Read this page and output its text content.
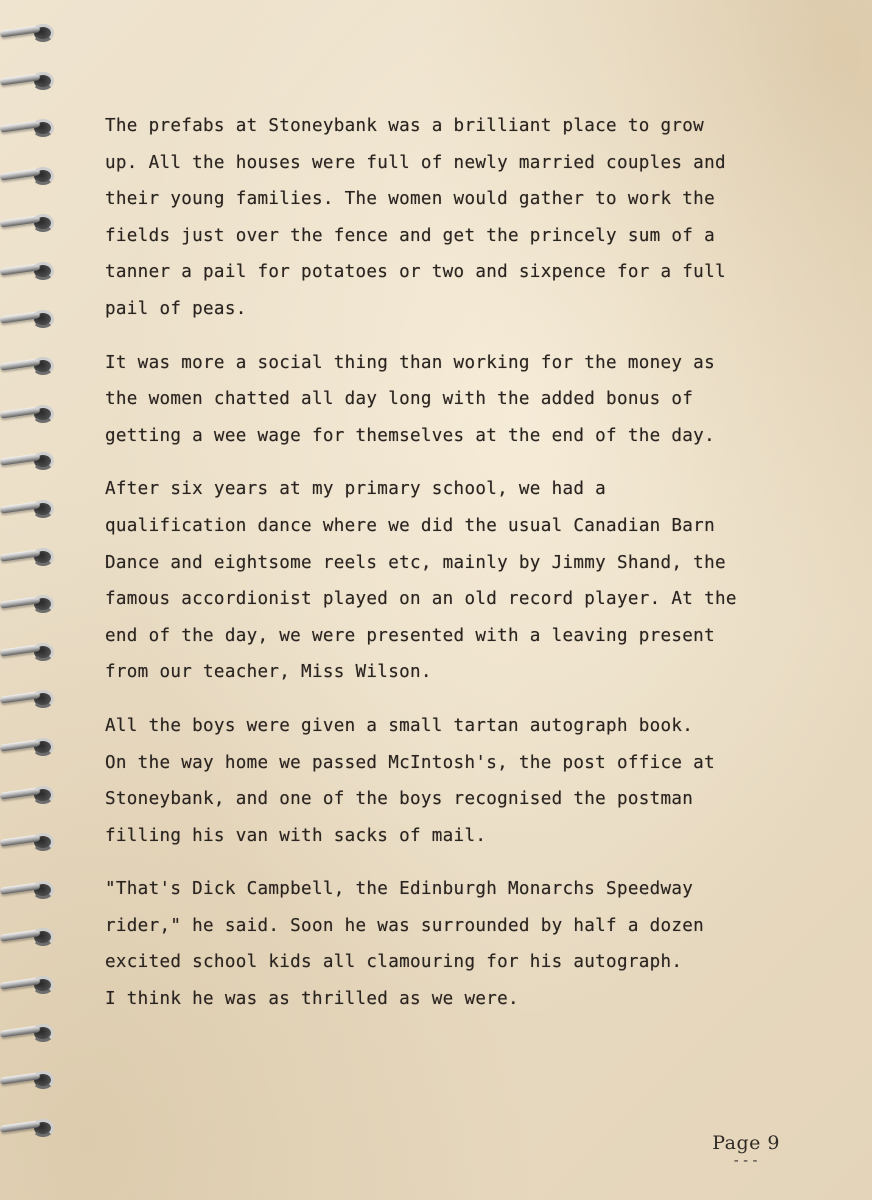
The prefabs at Stoneybank was a brilliant place to grow
up. All the houses were full of newly married couples and
their young families. The women would gather to work the
fields just over the fence and get the princely sum of a
tanner a pail for potatoes or two and sixpence for a full
pail of peas.

It was more a social thing than working for the money as
the women chatted all day long with the added bonus of
getting a wee wage for themselves at the end of the day.

After six years at my primary school, we had a
qualification dance where we did the usual Canadian Barn
Dance and eightsome reels etc, mainly by Jimmy Shand, the
famous accordionist played on an old record player. At the
end of the day, we were presented with a leaving present
from our teacher, Miss Wilson.

All the boys were given a small tartan autograph book.
On the way home we passed McIntosh's, the post office at
Stoneybank, and one of the boys recognised the postman
filling his van with sacks of mail.

"That's Dick Campbell, the Edinburgh Monarchs Speedway
rider," he said. Soon he was surrounded by half a dozen
excited school kids all clamouring for his autograph.
I think he was as thrilled as we were.

Page 9
---
